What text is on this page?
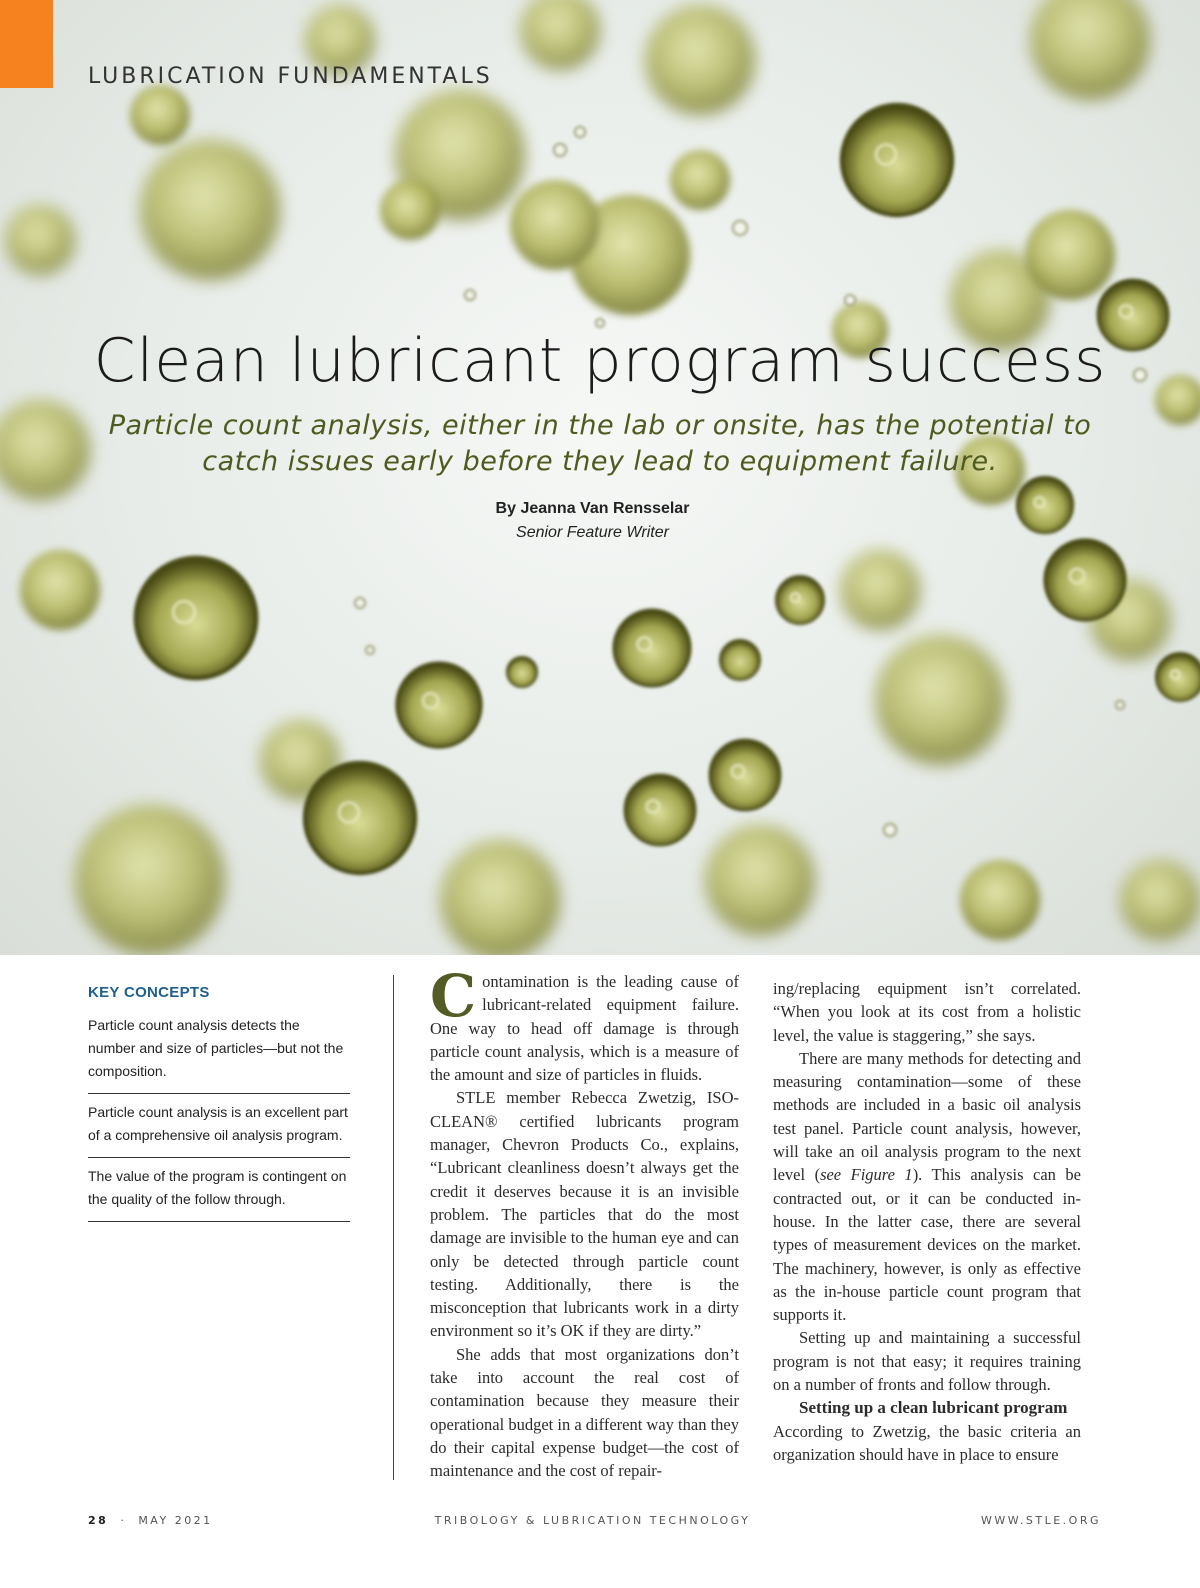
LUBRICATION FUNDAMENTALS
Clean lubricant program success
Particle count analysis, either in the lab or onsite, has the potential to catch issues early before they lead to equipment failure.
By Jeanna Van Rensselar
Senior Feature Writer
KEY CONCEPTS
Particle count analysis detects the number and size of particles—but not the composition.
Particle count analysis is an excellent part of a comprehensive oil analysis program.
The value of the program is contingent on the quality of the follow through.

Contamination is the leading cause of lubricant-related equipment failure. One way to head off damage is through particle count analysis, which is a measure of the amount and size of particles in fluids.

STLE member Rebecca Zwetzig, ISO-CLEAN® certified lubricants program manager, Chevron Products Co., explains, “Lubricant cleanliness doesn’t always get the credit it deserves because it is an invisible problem. The particles that do the most damage are invisible to the human eye and can only be detected through particle count testing. Additionally, there is the misconception that lubricants work in a dirty environment so it’s OK if they are dirty.”

She adds that most organizations don’t take into account the real cost of contamination because they measure their operational budget in a different way than they do their capital expense budget—the cost of maintenance and the cost of repair-

ing/replacing equipment isn’t correlated. “When you look at its cost from a holistic level, the value is staggering,” she says.

There are many methods for detecting and measuring contamination—some of these methods are included in a basic oil analysis test panel. Particle count analysis, however, will take an oil analysis program to the next level (see Figure 1). This analysis can be contracted out, or it can be conducted in-house. In the latter case, there are several types of measurement devices on the market. The machinery, however, is only as effective as the in-house particle count program that supports it.

Setting up and maintaining a successful program is not that easy; it requires training on a number of fronts and follow through.

Setting up a clean lubricant program

According to Zwetzig, the basic criteria an organization should have in place to ensure

28 · MAY 2021	TRIBOLOGY & LUBRICATION TECHNOLOGY	WWW.STLE.ORG
